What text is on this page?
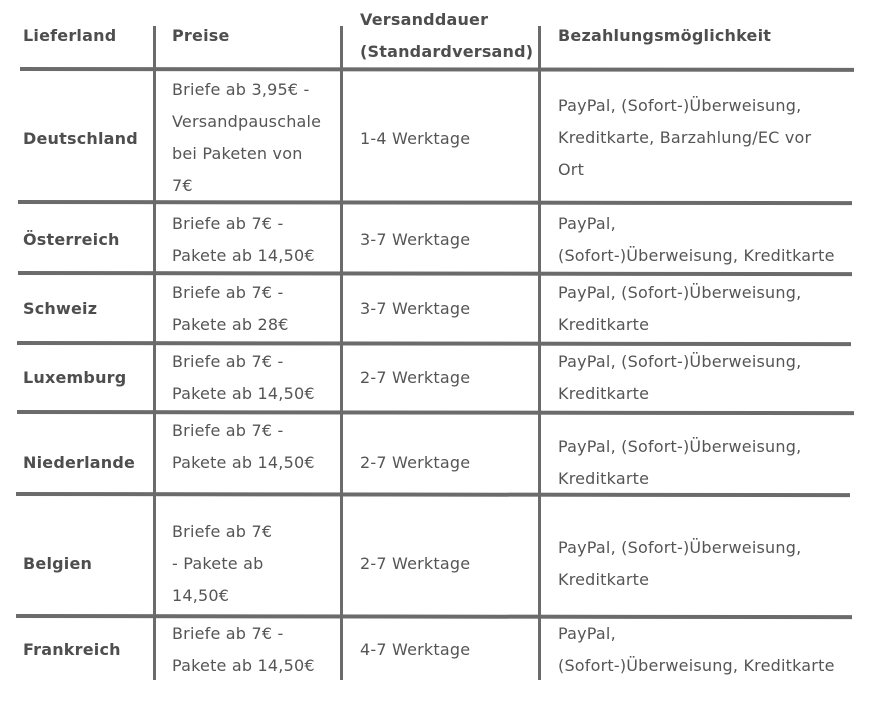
Lieferland	Preise
Versanddauer
(Standardversand)
Bezahlungsmöglichkeit
Deutschland
Briefe ab 3,95€ -
Versandpauschale
bei Paketen von
7€
1-4 Werktage
PayPal, (Sofort-)Überweisung,
Kreditkarte, Barzahlung/EC vor
Ort
Österreich
Briefe ab 7€ -
Pakete ab 14,50€
3-7 Werktage
PayPal,
(Sofort-)Überweisung, Kreditkarte
Schweiz
Briefe ab 7€ -
Pakete ab 28€
3-7 Werktage
PayPal, (Sofort-)Überweisung,
Kreditkarte
Luxemburg
Briefe ab 7€ -
Pakete ab 14,50€
2-7 Werktage
PayPal, (Sofort-)Überweisung,
Kreditkarte
Niederlande
Briefe ab 7€ -
Pakete ab 14,50€	2-7 Werktage
PayPal, (Sofort-)Überweisung,
Kreditkarte
Belgien
Briefe ab 7€
- Pakete ab
14,50€
2-7 Werktage
PayPal, (Sofort-)Überweisung,
Kreditkarte
Frankreich
Briefe ab 7€ -
Pakete ab 14,50€
4-7 Werktage
PayPal,
(Sofort-)Überweisung, Kreditkarte
